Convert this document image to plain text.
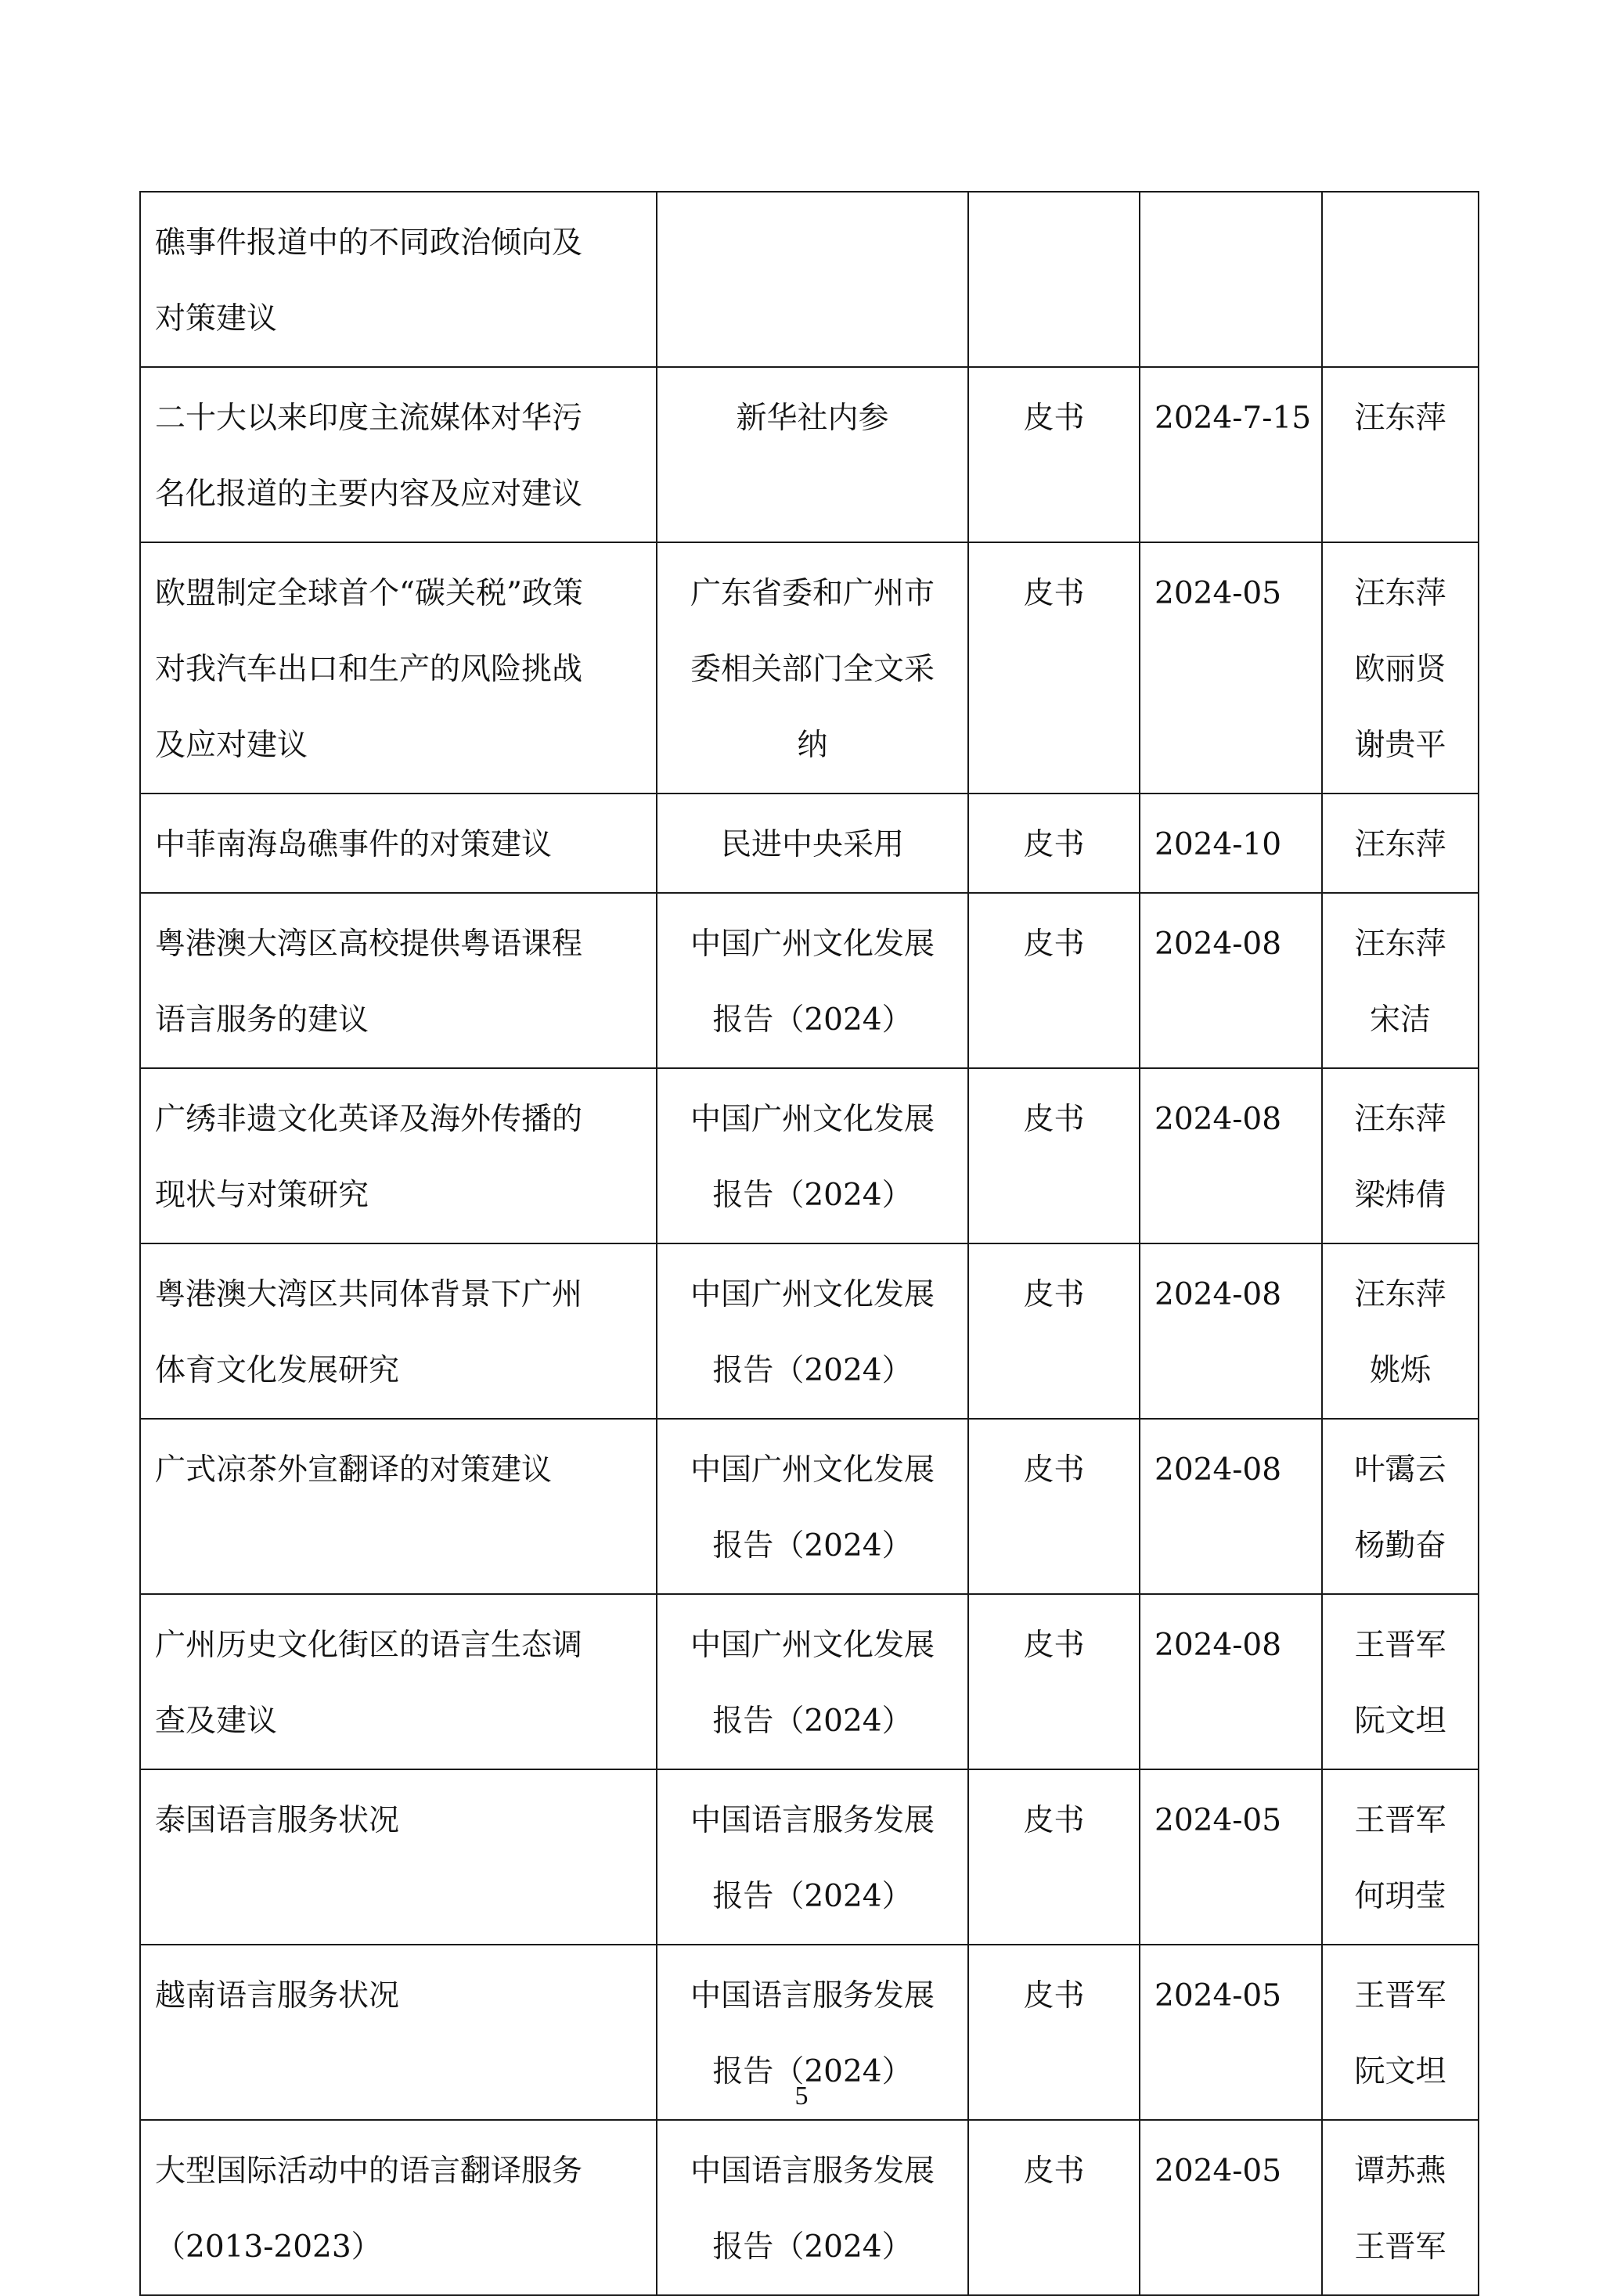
礁事件报道中的不同政治倾向及
对策建议				

二十大以来印度主流媒体对华污
名化报道的主要内容及应对建议	新华社内参	皮书	2024-7-15	汪东萍

欧盟制定全球首个“碳关税”政策
对我汽车出口和生产的风险挑战
及应对建议	广东省委和广州市
委相关部门全文采
纳	皮书	2024-05	汪东萍
欧丽贤
谢贵平

中菲南海岛礁事件的对策建议	民进中央采用	皮书	2024-10	汪东萍

粤港澳大湾区高校提供粤语课程
语言服务的建议	中国广州文化发展
报告（2024）	皮书	2024-08	汪东萍
宋洁

广绣非遗文化英译及海外传播的
现状与对策研究	中国广州文化发展
报告（2024）	皮书	2024-08	汪东萍
梁炜倩

粤港澳大湾区共同体背景下广州
体育文化发展研究	中国广州文化发展
报告（2024）	皮书	2024-08	汪东萍
姚烁

广式凉茶外宣翻译的对策建议	中国广州文化发展
报告（2024）	皮书	2024-08	叶霭云
杨勤奋

广州历史文化街区的语言生态调
查及建议	中国广州文化发展
报告（2024）	皮书	2024-08	王晋军
阮文坦

泰国语言服务状况	中国语言服务发展
报告（2024）	皮书	2024-05	王晋军
何玥莹

越南语言服务状况	中国语言服务发展
报告（2024）	皮书	2024-05	王晋军
阮文坦

大型国际活动中的语言翻译服务
（2013-2023）	中国语言服务发展
报告（2024）	皮书	2024-05	谭苏燕
王晋军
5
